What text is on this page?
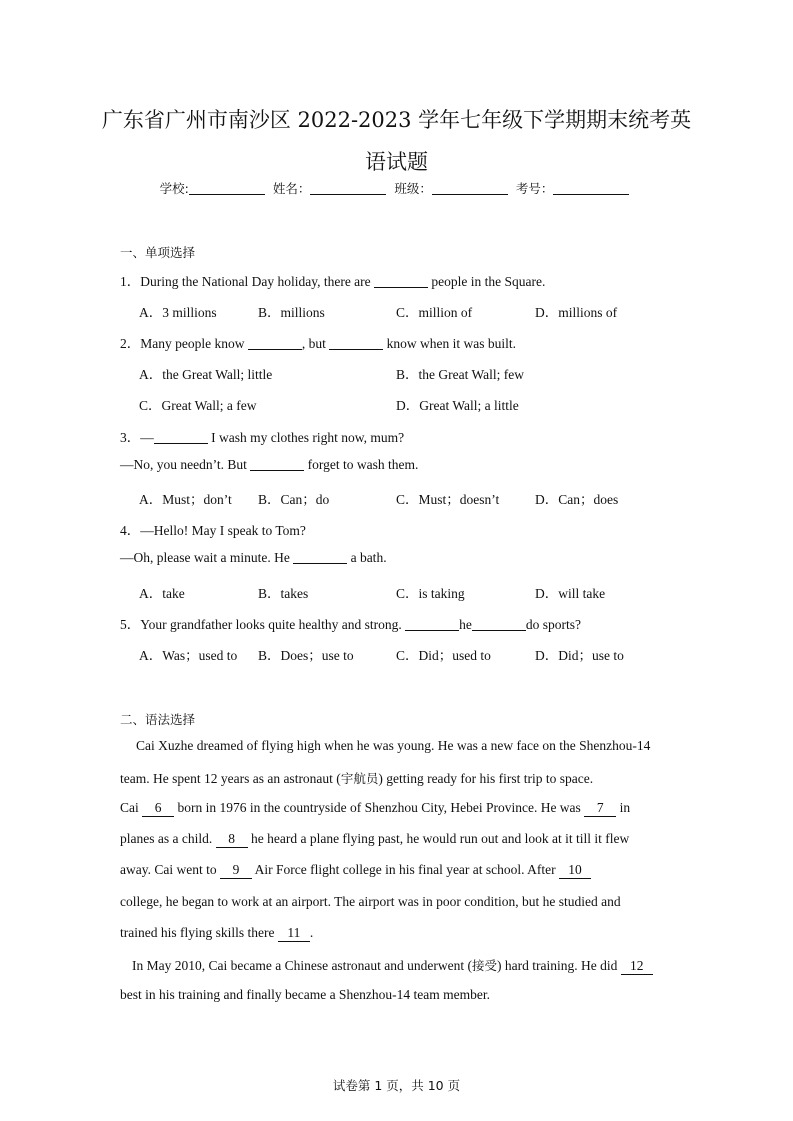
广东省广州市南沙区 2022-2023 学年七年级下学期期末统考英
语试题
学校:	姓名：	班级：	考号：
一、单项选择
1．During the National Day holiday, there are	people in the Square.
A．3 millions	B．millions	C．million of	D．millions of
2．Many people know	, but	know when it was built.
A．the Great Wall; little	B．the Great Wall; few
C．Great Wall; a few	D．Great Wall; a little
3．—	I wash my clothes right now, mum?
—No, you needn’t. But	forget to wash them.
A．Must；don’t B．Can；do	C．Must；doesn’t	D．Can；does
4．—Hello! May I speak to Tom?
—Oh, please wait a minute. He	a bath.
A．take	B．takes	C．is taking	D．will take
5．Your grandfather looks quite healthy and strong.	he	do sports?
A．Was；used to B．Does；use to	C．Did；used to	D．Did；use to
二、语法选择
Cai Xuzhe dreamed of flying high when he was young. He was a new face on the Shenzhou-14
team. He spent 12 years as an astronaut (宇航员) getting ready for his first trip to space.
Cai 6 born in 1976 in the countryside of Shenzhou City, Hebei Province. He was 7 in
planes as a child. 8 he heard a plane flying past, he would run out and look at it till it flew
away. Cai went to 9 Air Force flight college in his final year at school. After 10
college, he began to work at an airport. The airport was in poor condition, but he studied and
trained his flying skills there 11 .
In May 2010, Cai became a Chinese astronaut and underwent (接受) hard training. He did 12
best in his training and finally became a Shenzhou-14 team member.
试卷第 1 页，共 10 页
